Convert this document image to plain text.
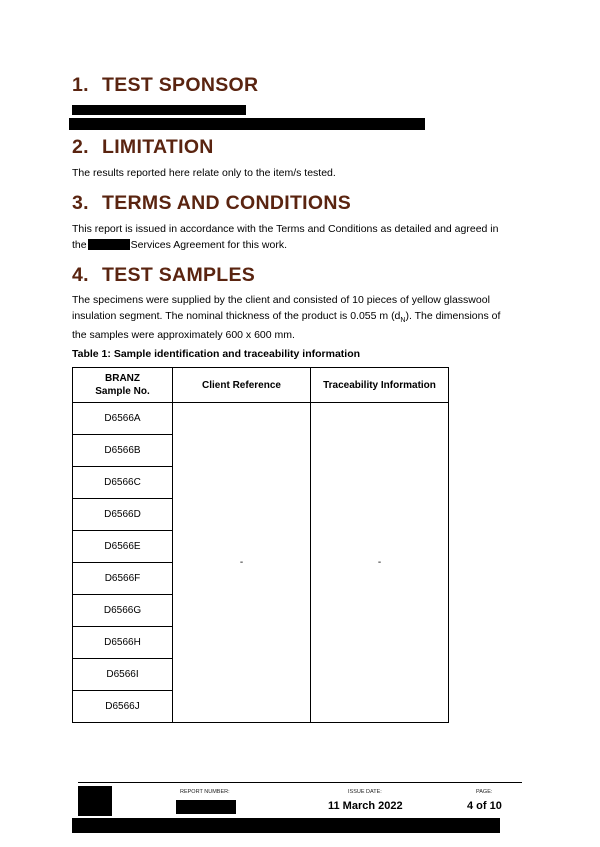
1. TEST SPONSOR
2. LIMITATION
The results reported here relate only to the item/s tested.
3. TERMS AND CONDITIONS
This report is issued in accordance with the Terms and Conditions as detailed and agreed in
the	Services Agreement for this work.
4. TEST SAMPLES
The specimens were supplied by the client and consisted of 10 pieces of yellow glasswool
insulation segment. The nominal thickness of the product is 0.055 m $(d_N)$. The dimensions of
the samples were approximately 600 x 600 mm.
Table 1: Sample identification and traceability information
BRANZ Sample No.	Client Reference	Traceability Information
D6566A	-	-
D6566B		
D6566C		
D6566D		
D6566E		
D6566F		
D6566G		
D6566H		
D6566I		
D6566J		
REPORT NUMBER:	ISSUE DATE:
11 March 2022
PAGE:
4 of 10
